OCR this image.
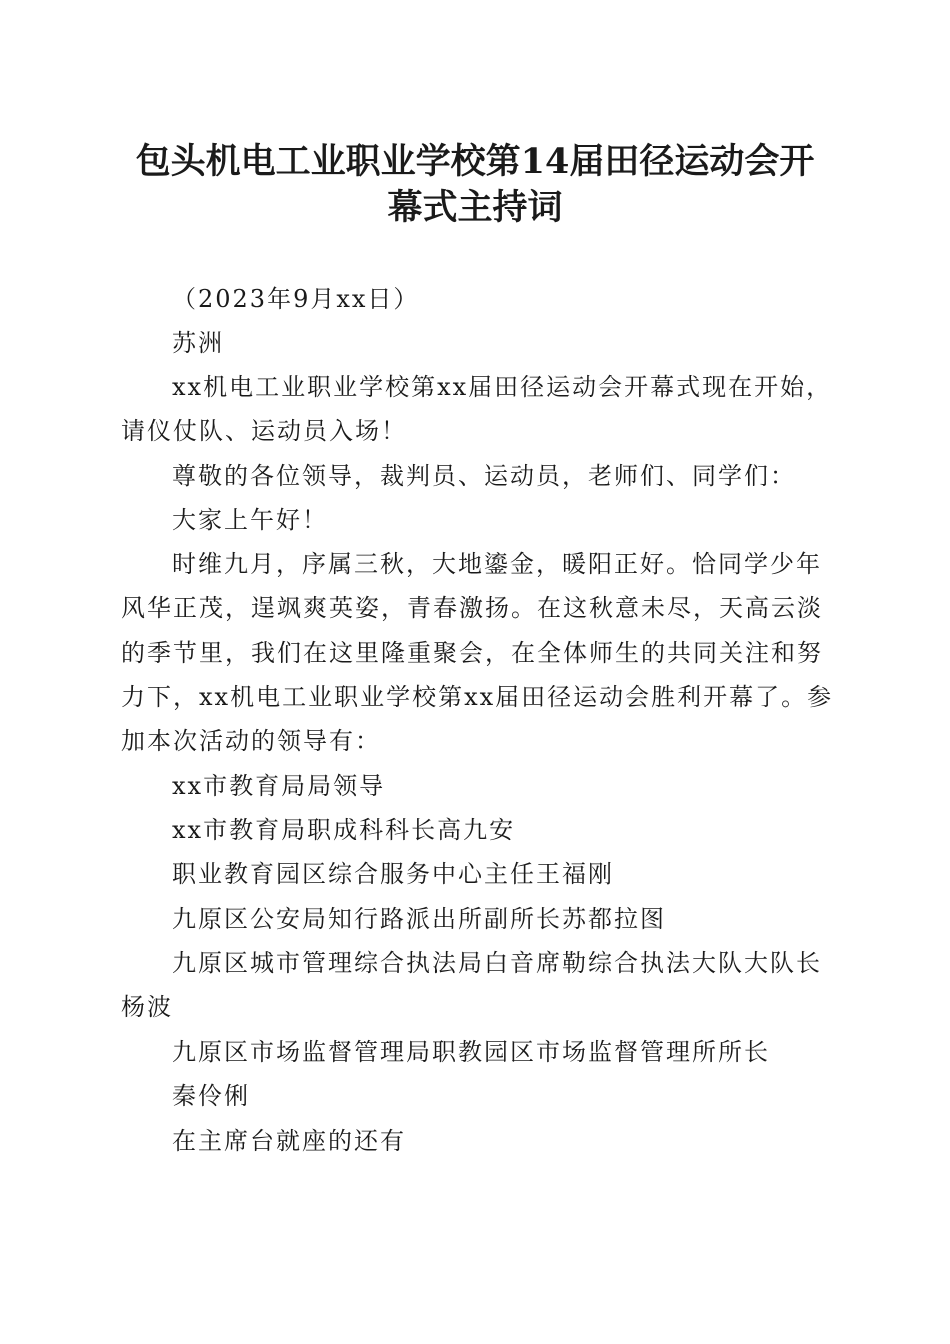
包头机电工业职业学校第14届田径运动会开
幕式主持词
（2023年9月xx日）
苏洲
xx机电工业职业学校第xx届田径运动会开幕式现在开始，
请仪仗队、运动员入场！
尊敬的各位领导，裁判员、运动员，老师们、同学们：
大家上午好！
时维九月，序属三秋，大地鎏金，暖阳正好。恰同学少年
风华正茂，逞飒爽英姿，青春激扬。在这秋意未尽，天高云淡
的季节里，我们在这里隆重聚会，在全体师生的共同关注和努
力下，xx机电工业职业学校第xx届田径运动会胜利开幕了。参
加本次活动的领导有：
xx市教育局局领导
xx市教育局职成科科长高九安
职业教育园区综合服务中心主任王福刚
九原区公安局知行路派出所副所长苏都拉图
九原区城市管理综合执法局白音席勒综合执法大队大队长
杨波
九原区市场监督管理局职教园区市场监督管理所所长
秦伶俐
在主席台就座的还有
